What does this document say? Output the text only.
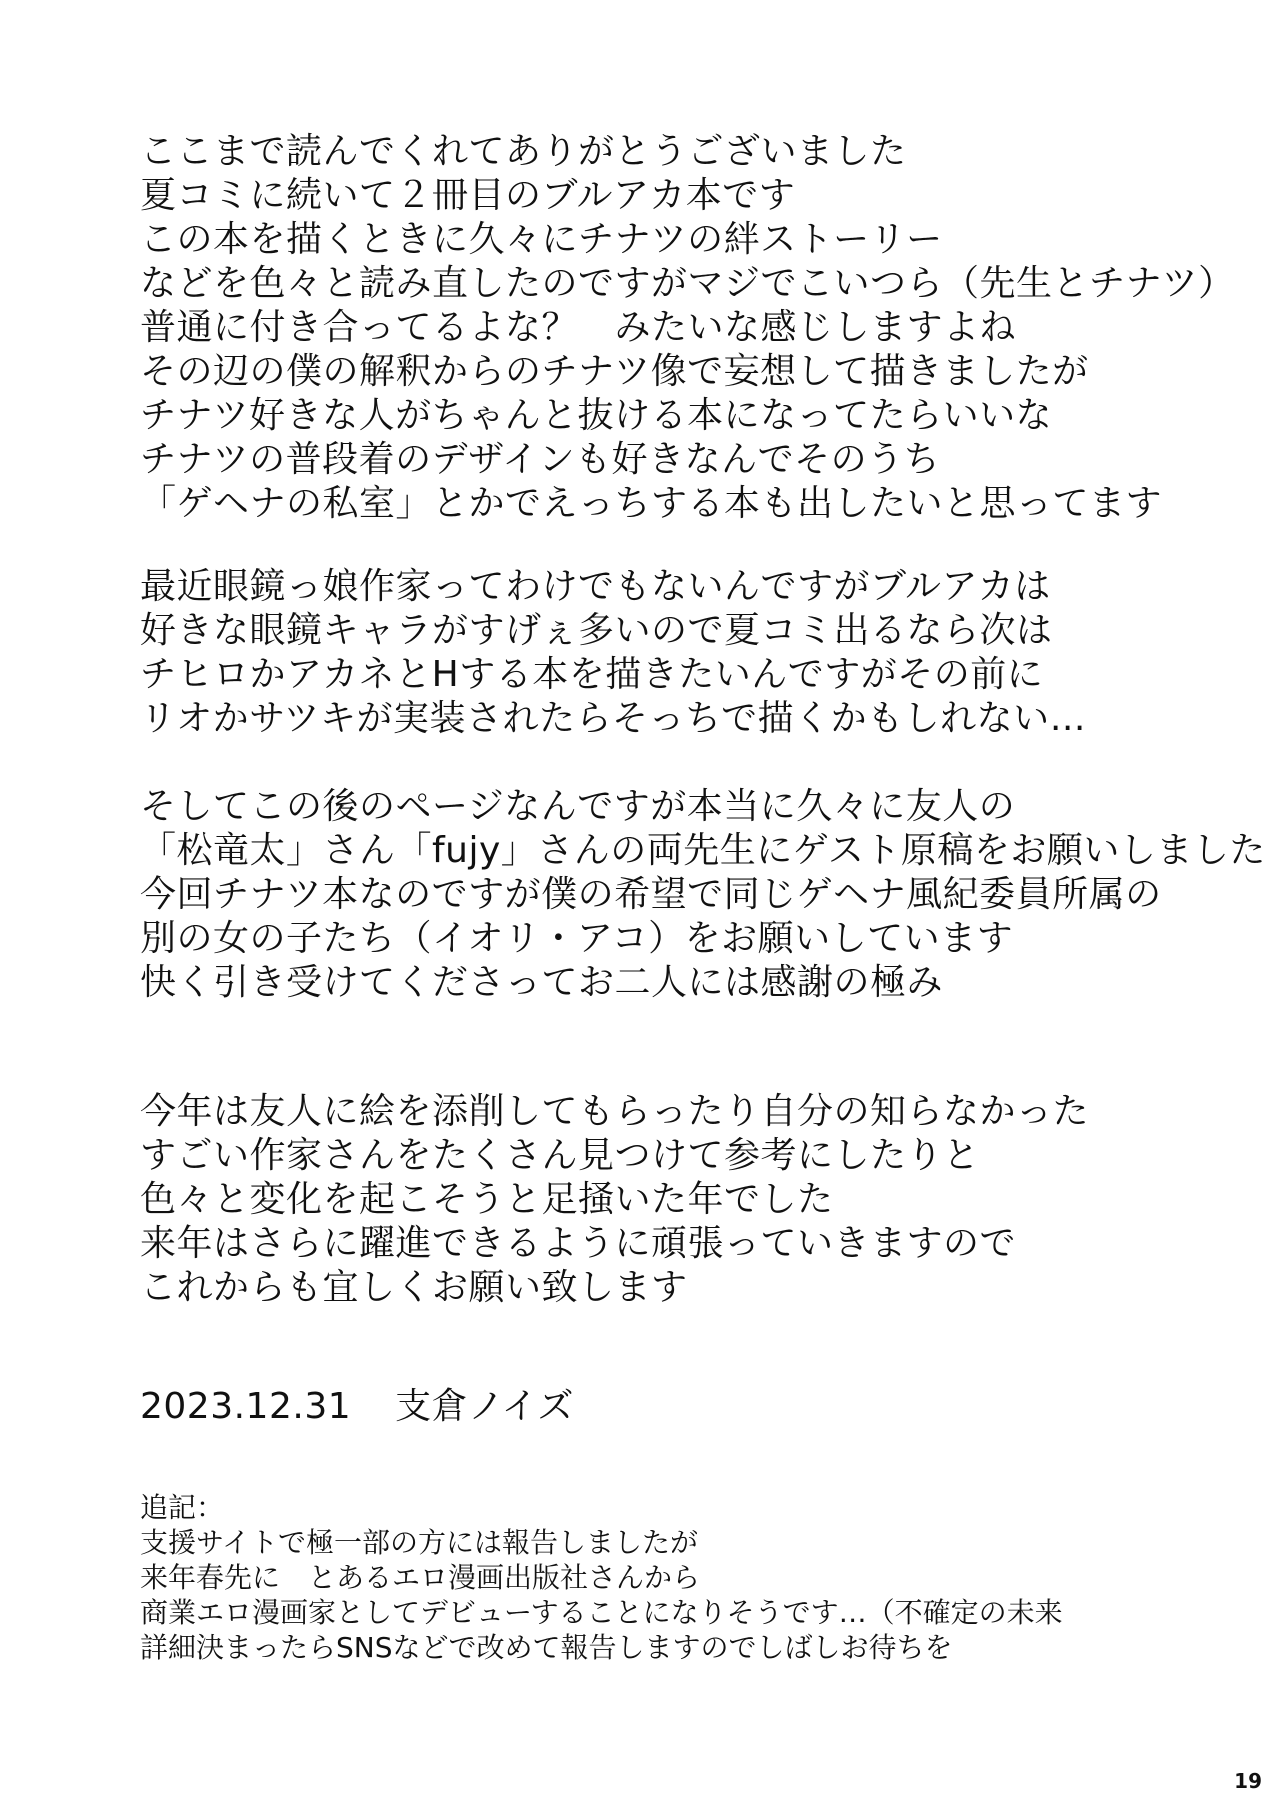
ここまで読んでくれてありがとうございました
夏コミに続いて２冊目のブルアカ本です
この本を描くときに久々にチナツの絆ストーリー
などを色々と読み直したのですがマジでこいつら（先生とチナツ）
普通に付き合ってるよな？　みたいな感じしますよね
その辺の僕の解釈からのチナツ像で妄想して描きましたが
チナツ好きな人がちゃんと抜ける本になってたらいいな
チナツの普段着のデザインも好きなんでそのうち
「ゲヘナの私室」とかでえっちする本も出したいと思ってます
最近眼鏡っ娘作家ってわけでもないんですがブルアカは
好きな眼鏡キャラがすげぇ多いので夏コミ出るなら次は
チヒロかアカネとHする本を描きたいんですがその前に
リオかサツキが実装されたらそっちで描くかもしれない…
そしてこの後のページなんですが本当に久々に友人の
「松竜太」さん「fujy」さんの両先生にゲスト原稿をお願いしました
今回チナツ本なのですが僕の希望で同じゲヘナ風紀委員所属の
別の女の子たち（イオリ・アコ）をお願いしています
快く引き受けてくださってお二人には感謝の極み
今年は友人に絵を添削してもらったり自分の知らなかった
すごい作家さんをたくさん見つけて参考にしたりと
色々と変化を起こそうと足掻いた年でした
来年はさらに躍進できるように頑張っていきますので
これからも宜しくお願い致します
2023.12.31 支倉ノイズ
追記：
支援サイトで極一部の方には報告しましたが
来年春先に　とあるエロ漫画出版社さんから
商業エロ漫画家としてデビューすることになりそうです…（不確定の未来
詳細決まったらSNSなどで改めて報告しますのでしばしお待ちを
19
